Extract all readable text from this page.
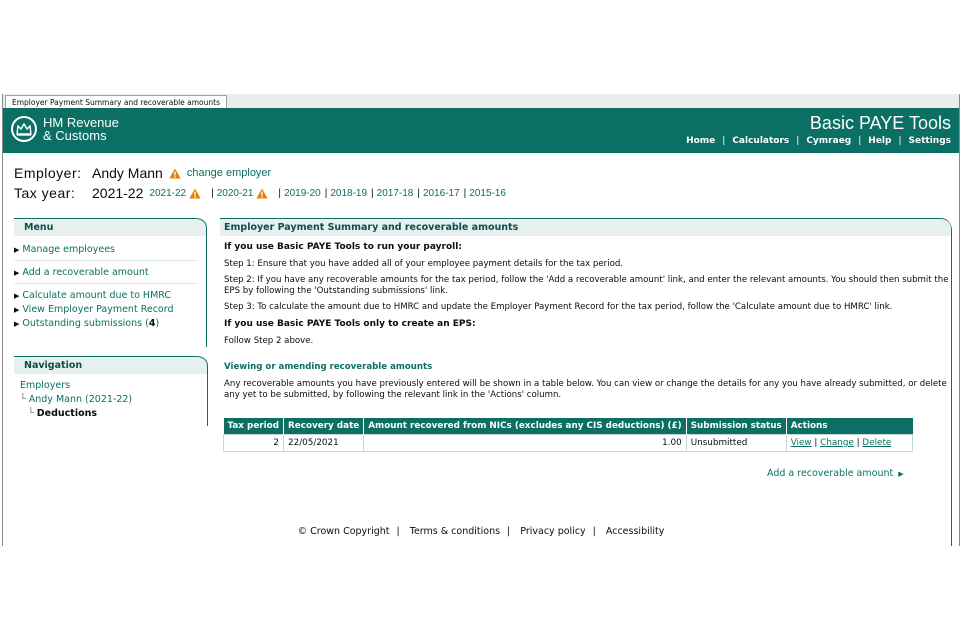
Employer Payment Summary and recoverable amounts
HM Revenue
& Customs
Basic PAYE Tools
Home | Calculators | Cymraeg | Help | Settings
Employer: Andy Mann change employer
Tax year:	2021-22 2021-22	| 2020-21	| 2019-20 | 2018-19 | 2017-18 | 2016-17 | 2015-16
Menu
▶ Manage employees
▶ Add a recoverable amount
▶ Calculate amount due to HMRC
▶ View Employer Payment Record
▶ Outstanding submissions (4)
Navigation
Employers
└ Andy Mann (2021-22)
└ Deductions
Employer Payment Summary and recoverable amounts

If you use Basic PAYE Tools to run your payroll:

Step 1: Ensure that you have added all of your employee payment details for the tax period.

Step 2: If you have any recoverable amounts for the tax period, follow the 'Add a recoverable amount' link, and enter the relevant amounts. You should then submit the EPS by following the 'Outstanding submissions' link.

Step 3: To calculate the amount due to HMRC and update the Employer Payment Record for the tax period, follow the 'Calculate amount due to HMRC' link.

If you use Basic PAYE Tools only to create an EPS:

Follow Step 2 above.

Viewing or amending recoverable amounts

Any recoverable amounts you have previously entered will be shown in a table below. You can view or change the details for any you have already submitted, or delete any yet to be submitted, by following the relevant link in the 'Actions' column.

Tax period	Recovery date	Amount recovered from NICs (excludes any CIS deductions) (£)	Submission status	Actions
2	22/05/2021	1.00	Unsubmitted	View | Change | Delete
Add a recoverable amount ▶
© Crown Copyright | Terms & conditions | Privacy policy | Accessibility
